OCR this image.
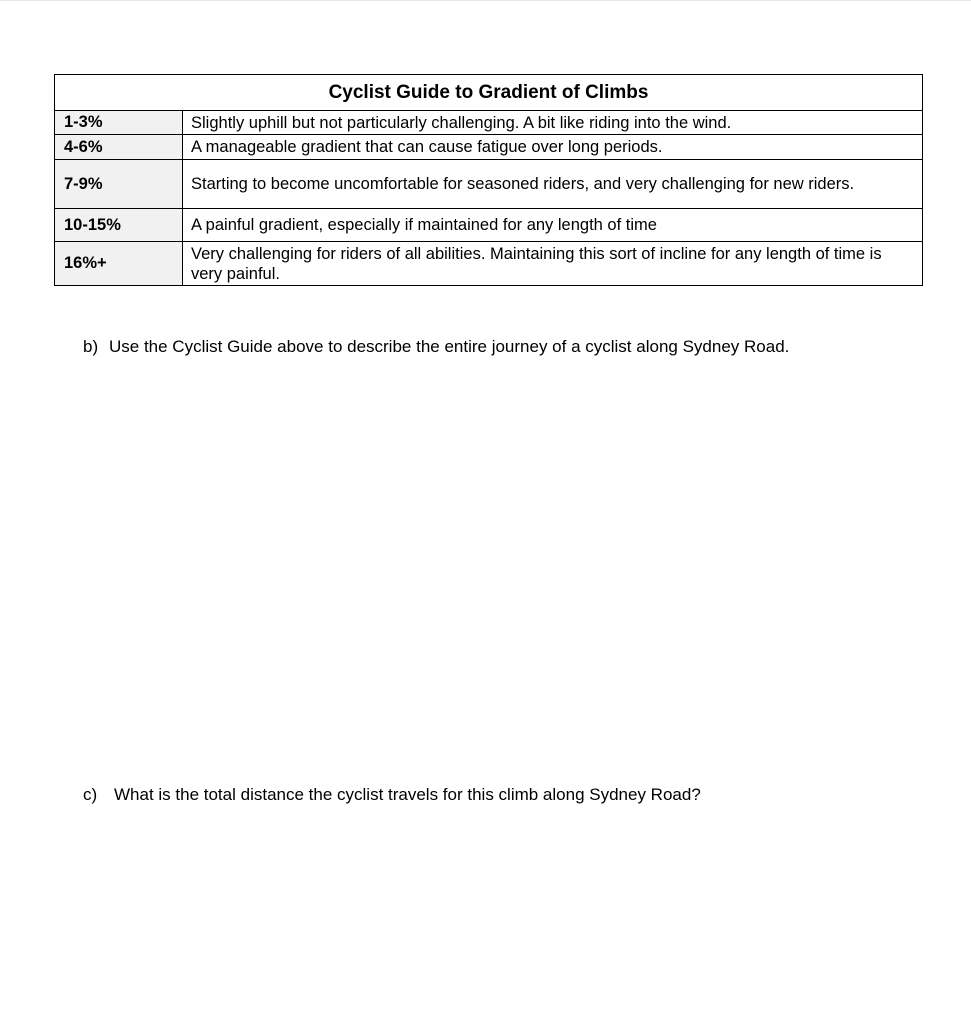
Cyclist Guide to Gradient of Climbs	
1-3%	Slightly uphill but not particularly challenging. A bit like riding into the wind.
4-6%	A manageable gradient that can cause fatigue over long periods.
7-9%	Starting to become uncomfortable for seasoned riders, and very challenging for new riders.
10-15%	A painful gradient, especially if maintained for any length of time
16%+	Very challenging for riders of all abilities. Maintaining this sort of incline for any length of time is very painful.
b) Use the Cyclist Guide above to describe the entire journey of a cyclist along Sydney Road.
c) What is the total distance the cyclist travels for this climb along Sydney Road?
